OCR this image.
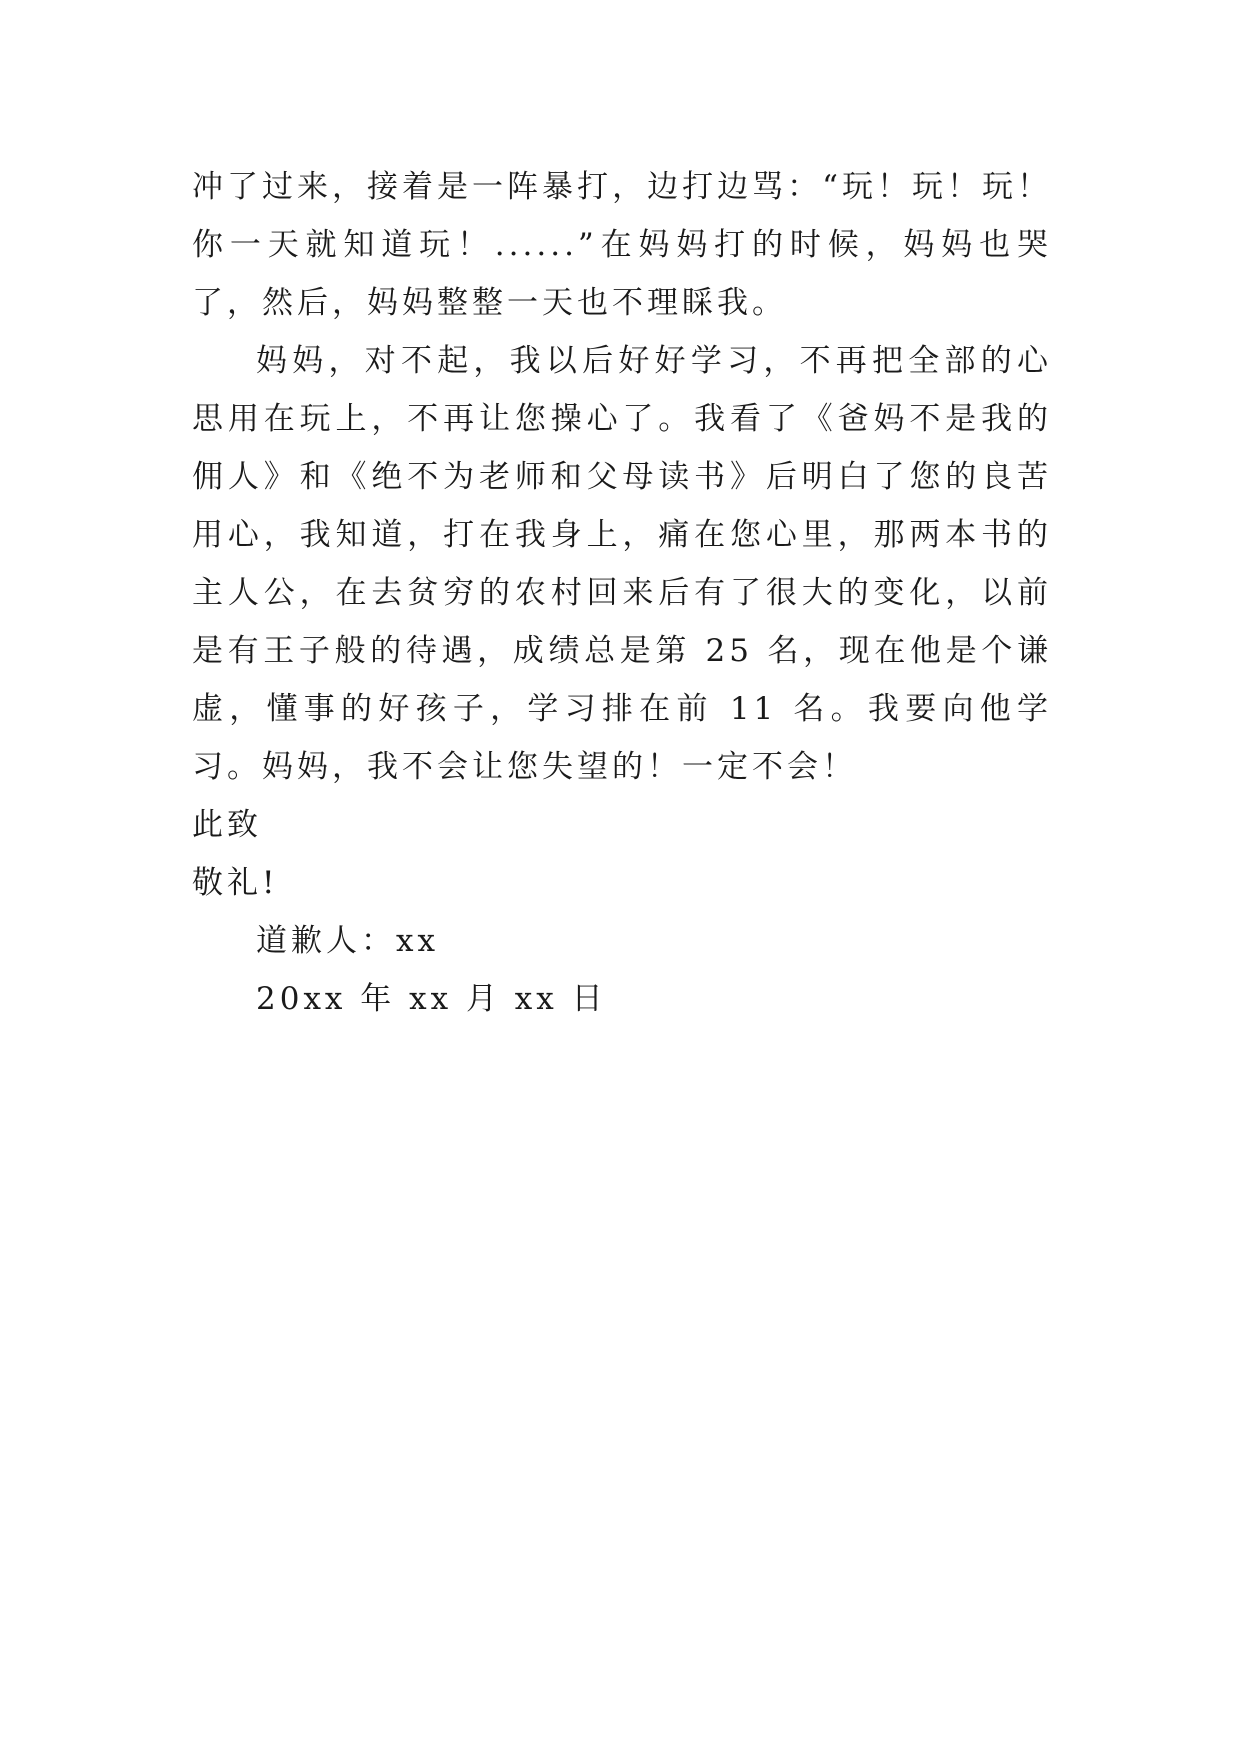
冲了过来，接着是一阵暴打，边打边骂：“玩！玩！玩！你一天就知道玩！......”在妈妈打的时候，妈妈也哭了，然后，妈妈整整一天也不理睬我。

妈妈，对不起，我以后好好学习，不再把全部的心思用在玩上，不再让您操心了。我看了《爸妈不是我的佣人》和《绝不为老师和父母读书》后明白了您的良苦用心，我知道，打在我身上，痛在您心里，那两本书的主人公，在去贫穷的农村回来后有了很大的变化，以前是有王子般的待遇，成绩总是第 25 名，现在他是个谦虚，懂事的好孩子，学习排在前 11 名。我要向他学习。妈妈，我不会让您失望的！一定不会！

此致

敬礼!

道歉人：xx

20xx 年 xx 月 xx 日
